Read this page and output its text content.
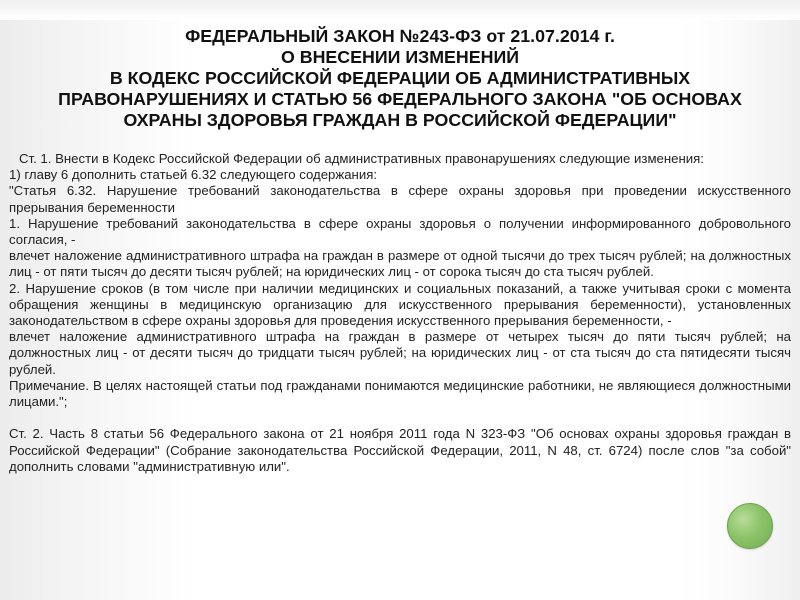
ФЕДЕРАЛЬНЫЙ ЗАКОН №243-ФЗ от 21.07.2014 г.
О ВНЕСЕНИИ ИЗМЕНЕНИЙ
В КОДЕКС РОССИЙСКОЙ ФЕДЕРАЦИИ ОБ АДМИНИСТРАТИВНЫХ
ПРАВОНАРУШЕНИЯХ И СТАТЬЮ 56 ФЕДЕРАЛЬНОГО ЗАКОНА "ОБ ОСНОВАХ
ОХРАНЫ ЗДОРОВЬЯ ГРАЖДАН В РОССИЙСКОЙ ФЕДЕРАЦИИ"

Ст. 1. Внести в Кодекс Российской Федерации об административных правонарушениях следующие изменения:

1) главу 6 дополнить статьей 6.32 следующего содержания:

"Статья 6.32. Нарушение требований законодательства в сфере охраны здоровья при проведении искусственного прерывания беременности

1. Нарушение требований законодательства в сфере охраны здоровья о получении информированного добровольного согласия, -

влечет наложение административного штрафа на граждан в размере от одной тысячи до трех тысяч рублей; на должностных лиц - от пяти тысяч до десяти тысяч рублей; на юридических лиц - от сорока тысяч до ста тысяч рублей.

2. Нарушение сроков (в том числе при наличии медицинских и социальных показаний, а также учитывая сроки с момента обращения женщины в медицинскую организацию для искусственного прерывания беременности), установленных законодательством в сфере охраны здоровья для проведения искусственного прерывания беременности, -

влечет наложение административного штрафа на граждан в размере от четырех тысяч до пяти тысяч рублей; на должностных лиц - от десяти тысяч до тридцати тысяч рублей; на юридических лиц - от ста тысяч до ста пятидесяти тысяч рублей.

Примечание. В целях настоящей статьи под гражданами понимаются медицинские работники, не являющиеся должностными лицами.";

Ст. 2. Часть 8 статьи 56 Федерального закона от 21 ноября 2011 года N 323-ФЗ "Об основах охраны здоровья граждан в Российской Федерации" (Собрание законодательства Российской Федерации, 2011, N 48, ст. 6724) после слов "за собой" дополнить словами "административную или".
